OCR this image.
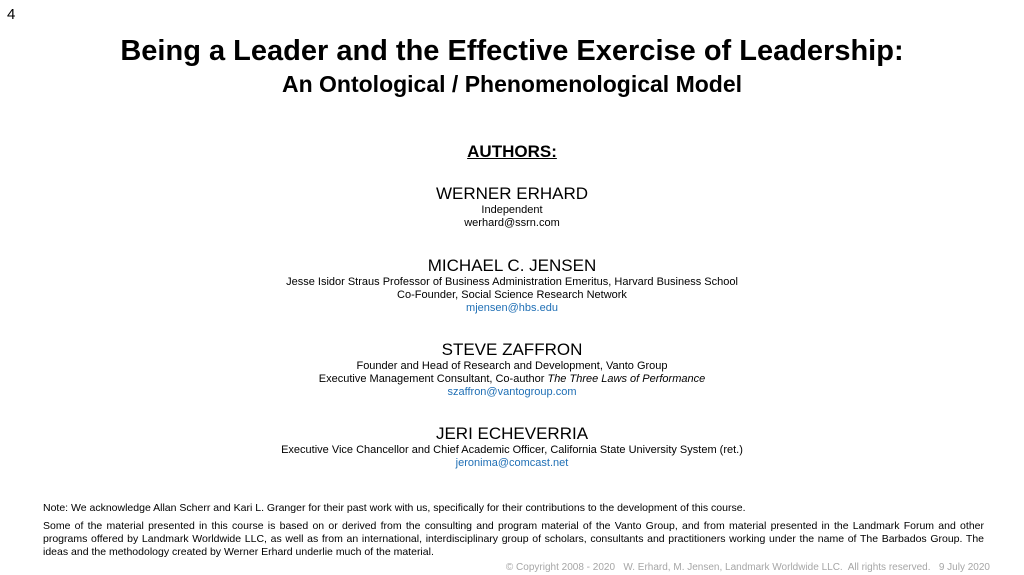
4
Being a Leader and the Effective Exercise of Leadership:
An Ontological / Phenomenological Model
AUTHORS:
WERNER ERHARD
Independent
werhard@ssrn.com
MICHAEL C. JENSEN
Jesse Isidor Straus Professor of Business Administration Emeritus, Harvard Business School
Co-Founder, Social Science Research Network
mjensen@hbs.edu
STEVE ZAFFRON
Founder and Head of Research and Development, Vanto Group
Executive Management Consultant, Co-author The Three Laws of Performance
szaffron@vantogroup.com
JERI ECHEVERRIA
Executive Vice Chancellor and Chief Academic Officer, California State University System (ret.)
jeronima@comcast.net
Note: We acknowledge Allan Scherr and Kari L. Granger for their past work with us, specifically for their contributions to the development of this course.
Some of the material presented in this course is based on or derived from the consulting and program material of the Vanto Group, and from material presented in the Landmark Forum and other programs offered by Landmark Worldwide LLC, as well as from an international, interdisciplinary group of scholars, consultants and practitioners working under the name of The Barbados Group. The ideas and the methodology created by Werner Erhard underlie much of the material.
© Copyright 2008 - 2020   W. Erhard, M. Jensen, Landmark Worldwide LLC.  All rights reserved.   9 July 2020
